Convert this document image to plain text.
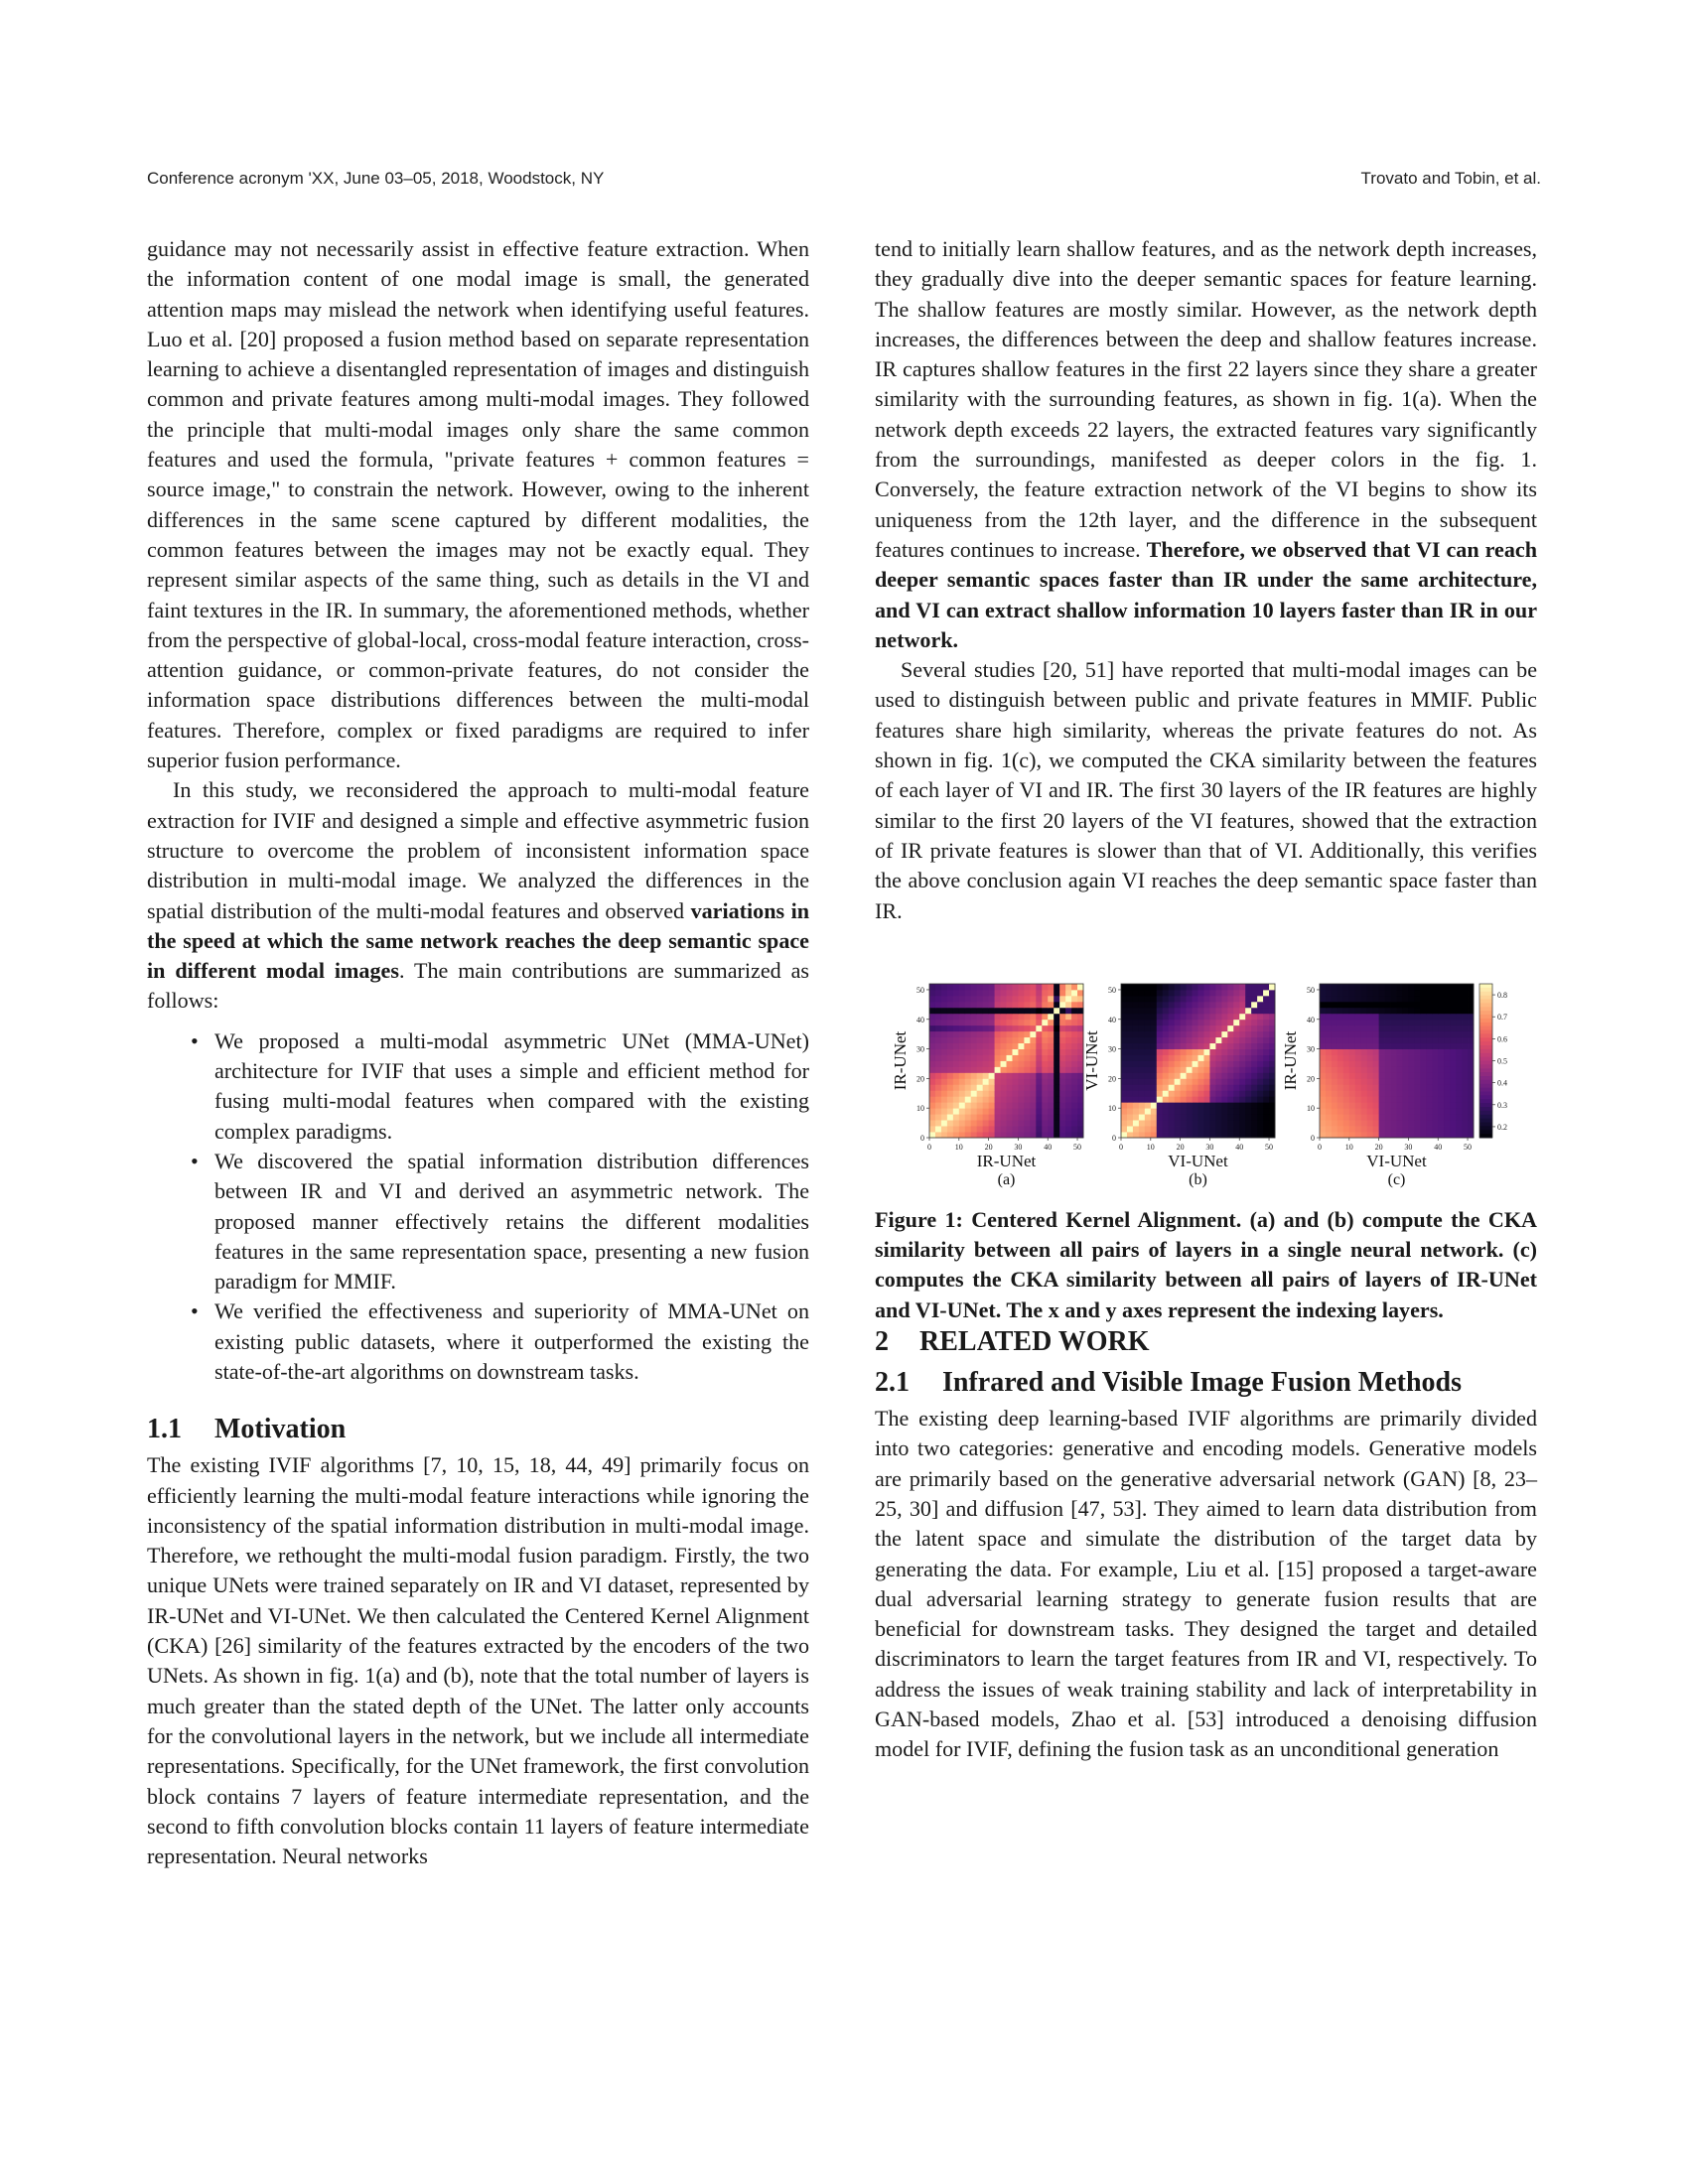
Conference acronym 'XX, June 03–05, 2018, Woodstock, NY	Trovato and Tobin, et al.

guidance may not necessarily assist in effective feature extraction. When the information content of one modal image is small, the generated attention maps may mislead the network when identifying useful features. Luo et al. [20] proposed a fusion method based on separate representation learning to achieve a disentangled representation of images and distinguish common and private features among multi-modal images. They followed the principle that multi-modal images only share the same common features and used the formula, "private features + common features = source image," to constrain the network. However, owing to the inherent differences in the same scene captured by different modalities, the common features between the images may not be exactly equal. They represent similar aspects of the same thing, such as details in the VI and faint textures in the IR. In summary, the aforementioned methods, whether from the perspective of global-local, cross-modal feature interaction, cross-attention guidance, or common-private features, do not consider the information space distributions differences between the multi-modal features. Therefore, complex or fixed paradigms are required to infer superior fusion performance.

In this study, we reconsidered the approach to multi-modal feature extraction for IVIF and designed a simple and effective asymmetric fusion structure to overcome the problem of inconsistent information space distribution in multi-modal image. We analyzed the differences in the spatial distribution of the multi-modal features and observed variations in the speed at which the same network reaches the deep semantic space in different modal images. The main contributions are summarized as follows:

• We proposed a multi-modal asymmetric UNet (MMA-UNet) architecture for IVIF that uses a simple and efficient method for fusing multi-modal features when compared with the existing complex paradigms.
• We discovered the spatial information distribution differences between IR and VI and derived an asymmetric network. The proposed manner effectively retains the different modalities features in the same representation space, presenting a new fusion paradigm for MMIF.
• We verified the effectiveness and superiority of MMA-UNet on existing public datasets, where it outperformed the existing the state-of-the-art algorithms on downstream tasks.
1.1 Motivation

The existing IVIF algorithms [7, 10, 15, 18, 44, 49] primarily focus on efficiently learning the multi-modal feature interactions while ignoring the inconsistency of the spatial information distribution in multi-modal image. Therefore, we rethought the multi-modal fusion paradigm. Firstly, the two unique UNets were trained separately on IR and VI dataset, represented by IR-UNet and VI-UNet. We then calculated the Centered Kernel Alignment (CKA) [26] similarity of the features extracted by the encoders of the two UNets. As shown in fig. 1(a) and (b), note that the total number of layers is much greater than the stated depth of the UNet. The latter only accounts for the convolutional layers in the network, but we include all intermediate representations. Specifically, for the UNet framework, the first convolution block contains 7 layers of feature intermediate representation, and the second to fifth convolution blocks contain 11 layers of feature intermediate representation. Neural networks

tend to initially learn shallow features, and as the network depth increases, they gradually dive into the deeper semantic spaces for feature learning. The shallow features are mostly similar. However, as the network depth increases, the differences between the deep and shallow features increase. IR captures shallow features in the first 22 layers since they share a greater similarity with the surrounding features, as shown in fig. 1(a). When the network depth exceeds 22 layers, the extracted features vary significantly from the surroundings, manifested as deeper colors in the fig. 1. Conversely, the feature extraction network of the VI begins to show its uniqueness from the 12th layer, and the difference in the subsequent features continues to increase. Therefore, we observed that VI can reach deeper semantic spaces faster than IR under the same architecture, and VI can extract shallow information 10 layers faster than IR in our network.

Several studies [20, 51] have reported that multi-modal images can be used to distinguish between public and private features in MMIF. Public features share high similarity, whereas the private features do not. As shown in fig. 1(c), we computed the CKA similarity between the features of each layer of VI and IR. The first 30 layers of the IR features are highly similar to the first 20 layers of the VI features, showed that the extraction of IR private features is slower than that of VI. Additionally, this verifies the above conclusion again VI reaches the deep semantic space faster than IR.

0	10	20	30	40	50
0
10
20
30
40
50
IR-UNet
(a)
IR-UNet
0	10	20	30	40	50
0
10
20
30
40
50
VI-UNet
(b)
VI-UNet
0	10	20	30	40	50
0
10
20
30
40
50
VI-UNet
(c)
IR-UNet
0.8
0.7
0.6
0.5
0.4
0.3
0.2

Figure 1: Centered Kernel Alignment. (a) and (b) compute the CKA similarity between all pairs of layers in a single neural network. (c) computes the CKA similarity between all pairs of layers of IR-UNet and VI-UNet. The x and y axes represent the indexing layers.

2 RELATED WORK
2.1 Infrared and Visible Image Fusion Methods

The existing deep learning-based IVIF algorithms are primarily divided into two categories: generative and encoding models. Generative models are primarily based on the generative adversarial network (GAN) [8, 23–25, 30] and diffusion [47, 53]. They aimed to learn data distribution from the latent space and simulate the distribution of the target data by generating the data. For example, Liu et al. [15] proposed a target-aware dual adversarial learning strategy to generate fusion results that are beneficial for downstream tasks. They designed the target and detailed discriminators to learn the target features from IR and VI, respectively. To address the issues of weak training stability and lack of interpretability in GAN-based models, Zhao et al. [53] introduced a denoising diffusion model for IVIF, defining the fusion task as an unconditional generation
